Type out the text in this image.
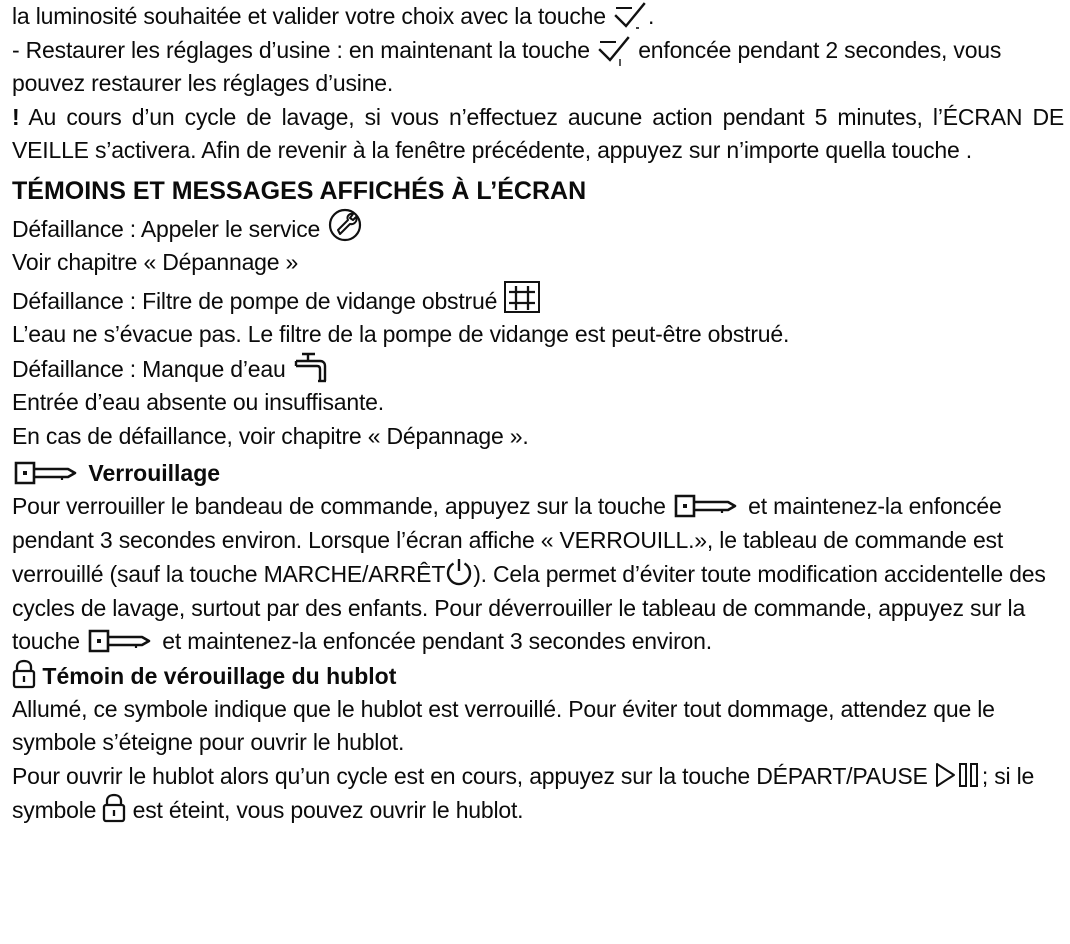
la luminosité souhaitée et valider votre choix avec la touche .

- Restaurer les réglages d’usine : en maintenant la touche enfoncée pendant 2 secondes, vous pouvez restaurer les réglages d’usine.

! Au cours d’un cycle de lavage, si vous n’effectuez aucune action pendant 5 minutes, l’ÉCRAN DE VEILLE s’activera. Afin de revenir à la fenêtre précédente, appuyez sur n’importe quella touche .

TÉMOINS ET MESSAGES AFFICHÉS À L’ÉCRAN

Défaillance : Appeler le service

Voir chapitre « Dépannage »

Défaillance : Filtre de pompe de vidange obstrué

L’eau ne s’évacue pas. Le filtre de la pompe de vidange est peut-être obstrué.

Défaillance : Manque d’eau

Entrée d’eau absente ou insuffisante.

En cas de défaillance, voir chapitre « Dépannage ».

Verrouillage

Pour verrouiller le bandeau de commande, appuyez sur la touche	et maintenez-la enfoncée pendant 3 secondes environ. Lorsque l’écran affiche « VERROUILL.», le tableau de commande est verrouillé (sauf la touche MARCHE/ARRÊT ). Cela permet d’éviter toute modification accidentelle des cycles de lavage, surtout par des enfants. Pour déverrouiller le tableau de commande, appuyez sur la touche	et maintenez-la enfoncée pendant 3 secondes environ.

Témoin de vérouillage du hublot

Allumé, ce symbole indique que le hublot est verrouillé. Pour éviter tout dommage, attendez que le symbole s’éteigne pour ouvrir le hublot.

Pour ouvrir le hublot alors qu’un cycle est en cours, appuyez sur la touche DÉPART/PAUSE ; si le symbole est éteint, vous pouvez ouvrir le hublot.
